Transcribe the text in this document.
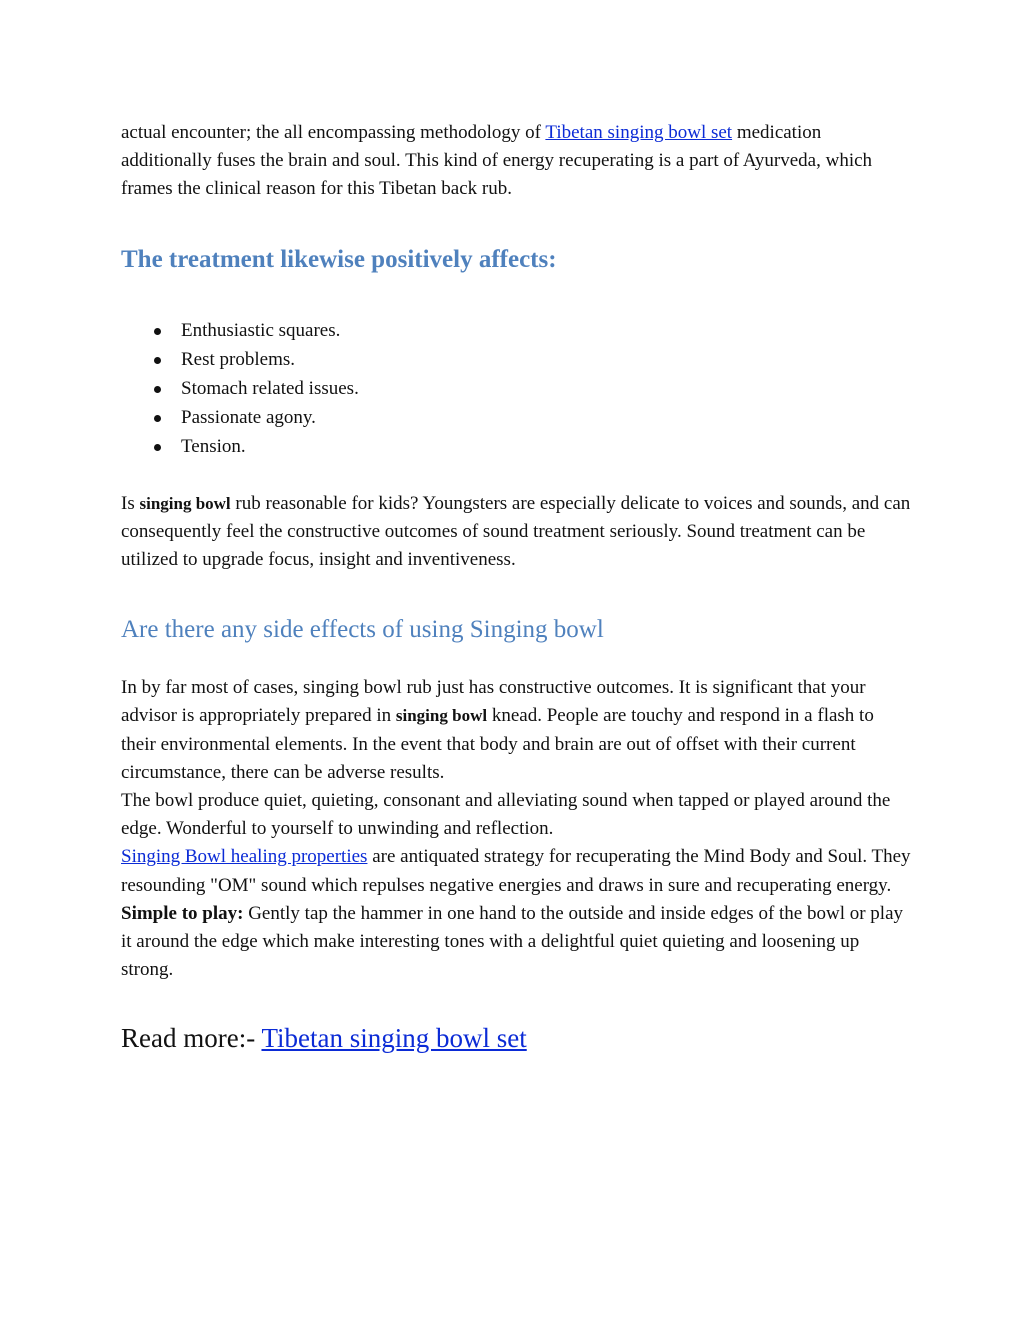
actual encounter; the all encompassing methodology of Tibetan singing bowl set medication additionally fuses the brain and soul. This kind of energy recuperating is a part of Ayurveda, which frames the clinical reason for this Tibetan back rub.

The treatment likewise positively affects:
Enthusiastic squares.
Rest problems.
Stomach related issues.
Passionate agony.
Tension.

Is singing bowl rub reasonable for kids? Youngsters are especially delicate to voices and sounds, and can consequently feel the constructive outcomes of sound treatment seriously. Sound treatment can be utilized to upgrade focus, insight and inventiveness.

Are there any side effects of using Singing bowl

In by far most of cases, singing bowl rub just has constructive outcomes. It is significant that your advisor is appropriately prepared in singing bowl knead. People are touchy and respond in a flash to their environmental elements. In the event that body and brain are out of offset with their current circumstance, there can be adverse results.

The bowl produce quiet, quieting, consonant and alleviating sound when tapped or played around the edge. Wonderful to yourself to unwinding and reflection.

Singing Bowl healing properties are antiquated strategy for recuperating the Mind Body and Soul. They resounding "OM" sound which repulses negative energies and draws in sure and recuperating energy.

Simple to play: Gently tap the hammer in one hand to the outside and inside edges of the bowl or play it around the edge which make interesting tones with a delightful quiet quieting and loosening up strong.

Read more:- Tibetan singing bowl set
